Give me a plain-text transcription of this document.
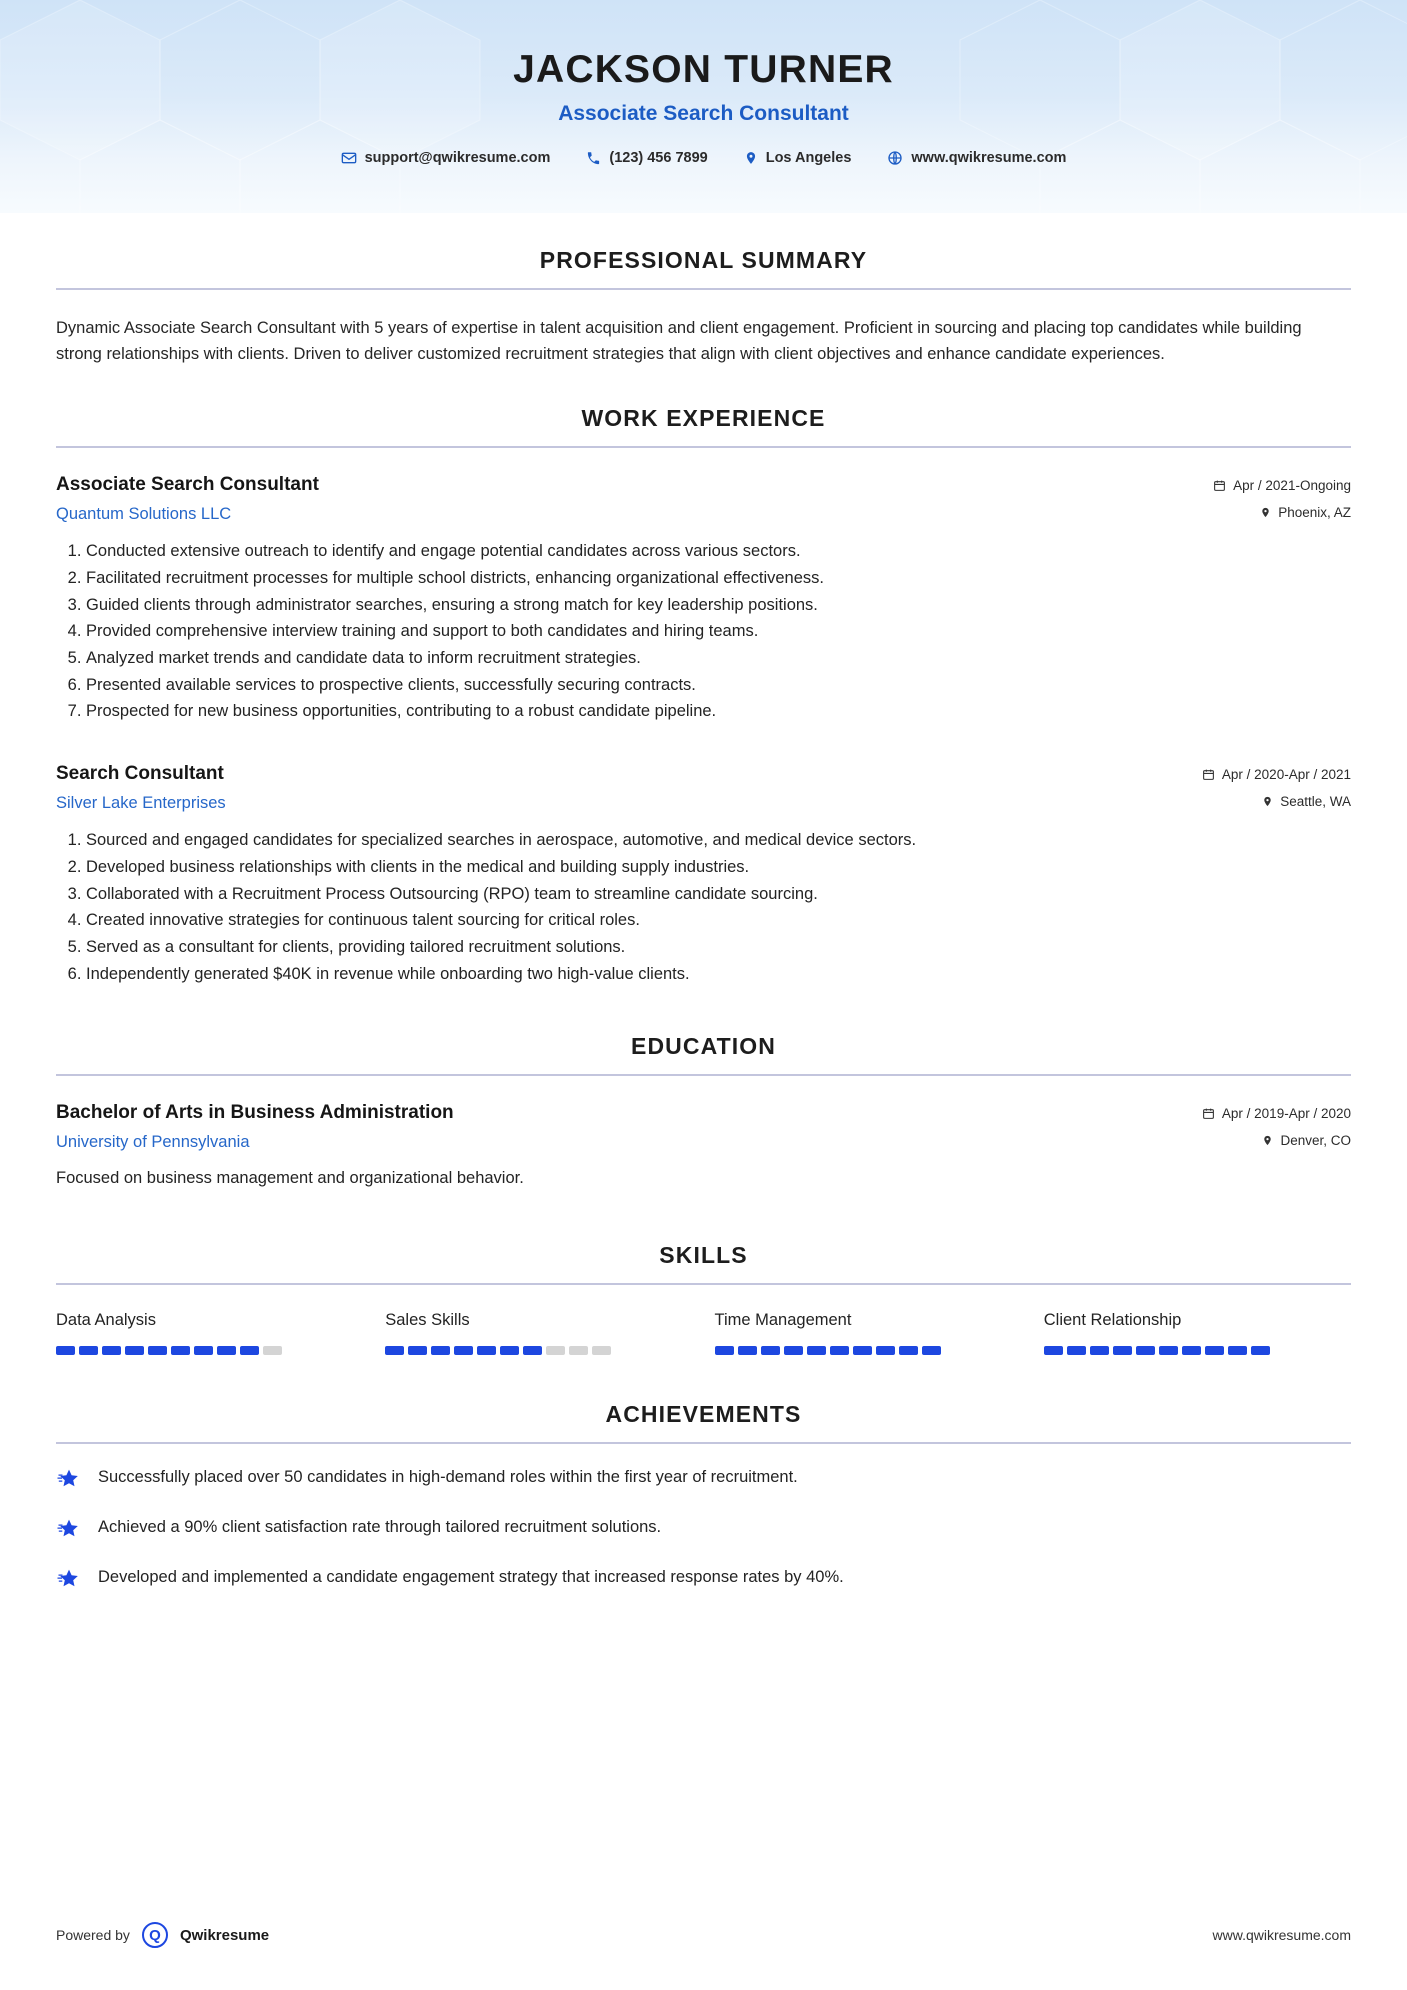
JACKSON TURNER
Associate Search Consultant
support@qwikresume.com	(123) 456 7899	Los Angeles	www.qwikresume.com
PROFESSIONAL SUMMARY

Dynamic Associate Search Consultant with 5 years of expertise in talent acquisition and client engagement. Proficient in sourcing and placing top candidates while building strong relationships with clients. Driven to deliver customized recruitment strategies that align with client objectives and enhance candidate experiences.

WORK EXPERIENCE
Associate Search Consultant
Quantum Solutions LLC
Apr / 2021-Ongoing
Phoenix, AZ
1. Conducted extensive outreach to identify and engage potential candidates across various sectors.
2. Facilitated recruitment processes for multiple school districts, enhancing organizational effectiveness.
3. Guided clients through administrator searches, ensuring a strong match for key leadership positions.
4. Provided comprehensive interview training and support to both candidates and hiring teams.
5. Analyzed market trends and candidate data to inform recruitment strategies.
6. Presented available services to prospective clients, successfully securing contracts.
7. Prospected for new business opportunities, contributing to a robust candidate pipeline.
Search Consultant
Silver Lake Enterprises
Apr / 2020-Apr / 2021
Seattle, WA
1. Sourced and engaged candidates for specialized searches in aerospace, automotive, and medical device sectors.
2. Developed business relationships with clients in the medical and building supply industries.
3. Collaborated with a Recruitment Process Outsourcing (RPO) team to streamline candidate sourcing.
4. Created innovative strategies for continuous talent sourcing for critical roles.
5. Served as a consultant for clients, providing tailored recruitment solutions.
6. Independently generated $40K in revenue while onboarding two high-value clients.
EDUCATION
Bachelor of Arts in Business Administration
University of Pennsylvania
Apr / 2019-Apr / 2020
Denver, CO
Focused on business management and organizational behavior.
SKILLS
Data Analysis	Sales Skills	Time Management	Client Relationship
ACHIEVEMENTS
Successfully placed over 50 candidates in high-demand roles within the first year of recruitment.
Achieved a 90% client satisfaction rate through tailored recruitment solutions.
Developed and implemented a candidate engagement strategy that increased response rates by 40%.
Powered by	Q	Qwikresume	www.qwikresume.com
